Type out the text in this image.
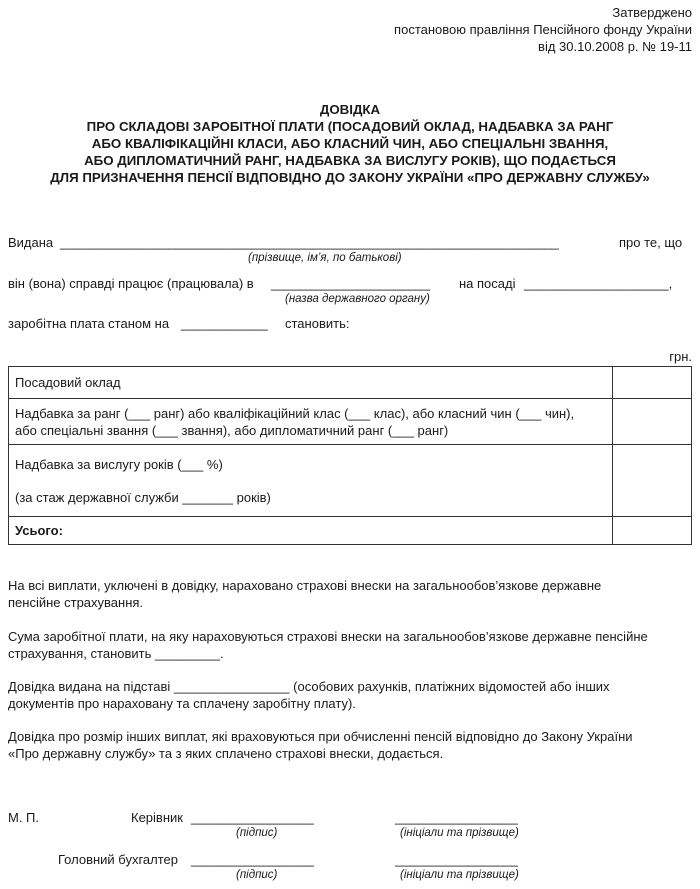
Затверджено
постановою правління Пенсійного фонду України
від 30.10.2008 р. № 19-11
ДОВІДКА
ПРО СКЛАДОВІ ЗАРОБІТНОЇ ПЛАТИ (ПОСАДОВИЙ ОКЛАД, НАДБАВКА ЗА РАНГ
АБО КВАЛІФІКАЦІЙНІ КЛАСИ, АБО КЛАСНИЙ ЧИН, АБО СПЕЦІАЛЬНІ ЗВАННЯ,
АБО ДИПЛОМАТИЧНИЙ РАНГ, НАДБАВКА ЗА ВИСЛУГУ РОКІВ), ЩО ПОДАЄТЬСЯ
ДЛЯ ПРИЗНАЧЕННЯ ПЕНСІЇ ВІДПОВІДНО ДО ЗАКОНУ УКРАЇНИ «ПРО ДЕРЖАВНУ СЛУЖБУ»
Видана _____________________________________________________________________	про те, що
(прізвище, ім’я, по батькові)
він (вона) справді працює (працювала) в ______________________ на посаді ____________________,
(назва державного органу)
заробітна плата станом на ____________ становить:
грн.
Посадовий оклад	

Надбавка за ранг (___ ранг) або кваліфікаційний клас (___ клас), або класний чин (___ чин),
або спеціальні звання (___ звання), або дипломатичний ранг (___ ранг)	

Надбавка за вислугу років (___ %)
(за стаж державної служби _______ років)	

Усього:	
На всі виплати, уключені в довідку, нараховано страхові внески на загальнообов’язкове державне
пенсійне страхування.
Сума заробітної плати, на яку нараховуються страхові внески на загальнообов’язкове державне пенсійне
страхування, становить _________.
Довідка видана на підставі ________________ (особових рахунків, платіжних відомостей або інших
документів про нараховану та сплачену заробітну плату).
Довідка про розмір інших виплат, які враховуються при обчисленні пенсій відповідно до Закону України
«Про державну службу» та з яких сплачено страхові внески, додається.
М. П.	Керівник _________________	_________________
(підпис)	(ініціали та прізвище)
Головний бухгалтер _________________	_________________
(підпис)	(ініціали та прізвище)
